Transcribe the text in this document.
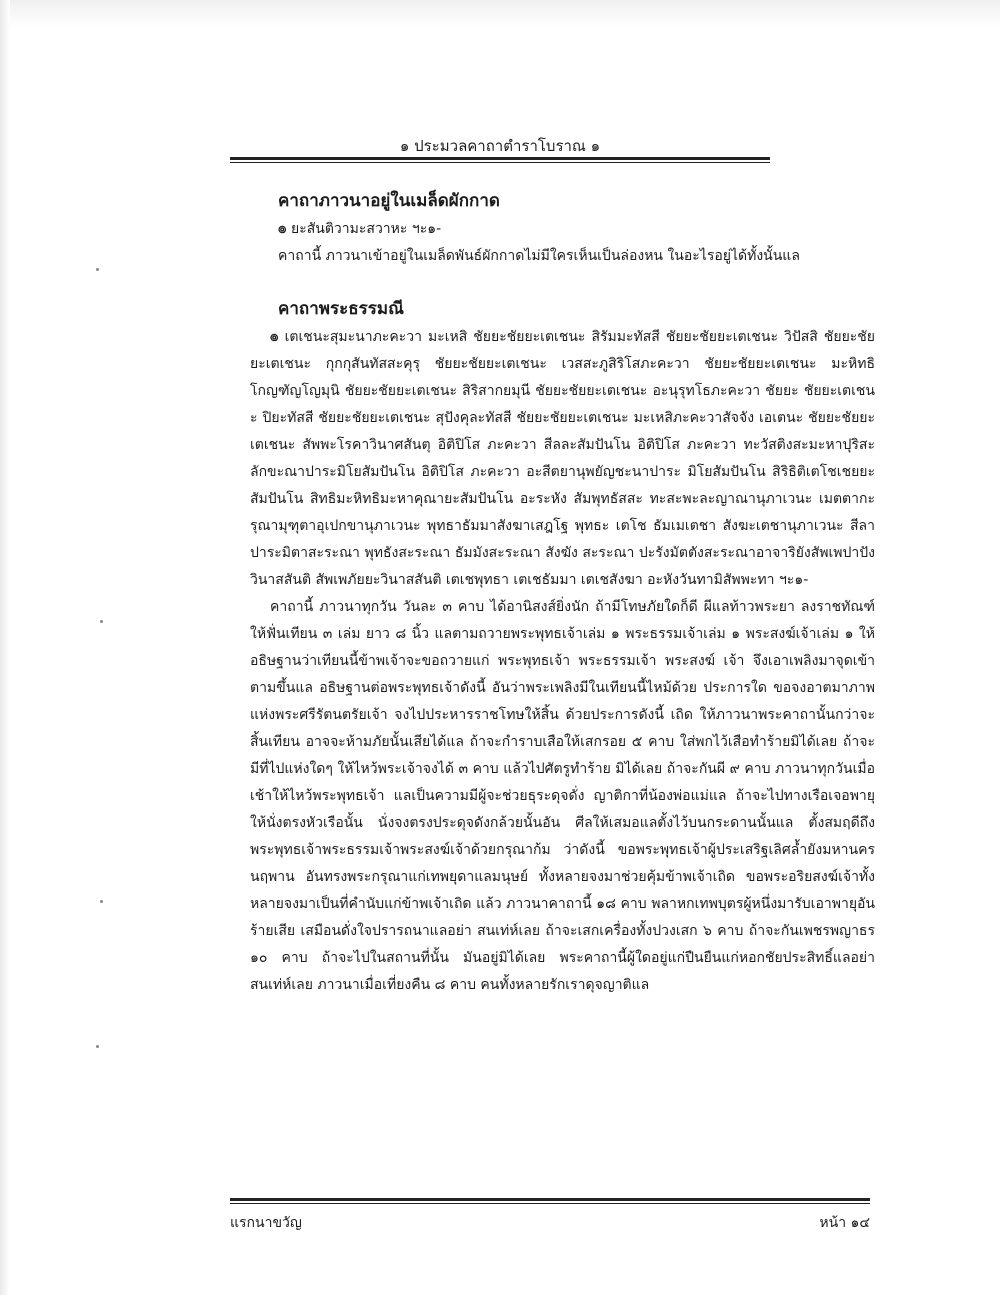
๑ ประมวลคาถาตำราโบราณ ๑
คาถาภาวนาอยู่ในเมล็ดผักกาด

๏ ยะสันติวามะสวาหะ ฯะ๑-

คาถานี้ ภาวนาเข้าอยู่ในเมล็ดพันธ์ผักกาดไม่มีใครเห็นเป็นล่องหน ในอะไรอยู่ได้ทั้งนั้นแล

คาถาพระธรรมณี

๏ เตเชนะสุมะนาภะคะวา มะเหสิ ชัยยะชัยยะเตเชนะ สิรัมมะทัสสี ชัยยะชัยยะเตเชนะ วิปัสสิ ชัยยะชัยยะเตเชนะ กุกกุสันทัสสะคุรุ ชัยยะชัยยะเตเชนะ เวสสะภูสิริโสภะคะวา ชัยยะชัยยะเตเชนะ มะหิทธิโกญฑัญโญมุนิ ชัยยะชัยยะเตเชนะ สิริสากยมุนี ชัยยะชัยยะเตเชนะ อะนุรุทโธภะคะวา ชัยยะ ชัยยะเตเชนะ ปิยะทัสสี ชัยยะชัยยะเตเชนะ สุปังคุละทัสสี ชัยยะชัยยะเตเชนะ มะเหสิภะคะวาสัจจัง เอเตนะ ชัยยะชัยยะเตเชนะ สัพพะโรคาวินาศสันตุ อิติปิโส ภะคะวา สีลละสัมปันโน อิติปิโส ภะคะวา ทะวัสติงสะมะหาปุริสะลักขะณาปาระมิโยสัมปันโน อิติปิโส ภะคะวา อะสีตยานุพยัญชะนาปาระ มิโยสัมปันโน สิริธิติเตโชเชยยะสัมปันโน สิทธิมะหิทธิมะหาคุณายะสัมปันโน อะระหัง สัมพุทธัสสะ ทะสะพะละญาณานุภาเวนะ เมตตากะรุณามุฑุตาอุเปกขานุภาเวนะ พุทธาธัมมาสังฆาเสฎโฐ พุทธะ เตโช ธัมเมเตชา สังฆะเตชานุภาเวนะ สีลาปาระมิตาสะระณา พุทธังสะระณา ธัมมังสะระณา สังฆัง สะระณา ปะรังมัตตังสะระณาอาจาริยังสัพเพปาปังวินาสสันติ สัพเพภัยยะวินาสสันติ เตเชพุทธา เตเชธัมมา เตเชสังฆา อะหังวันทามิสัพพะทา ฯะ๑-

คาถานี้ ภาวนาทุกวัน วันละ ๓ คาบ ได้อานิสงส์ยิ่งนัก ถ้ามีโทษภัยใดก็ดี ผีแลท้าวพระยา ลงราชทัณฑ์ ให้ฟั่นเทียน ๓ เล่ม ยาว ๘ นิ้ว แลตามถวายพระพุทธเจ้าเล่ม ๑ พระธรรมเจ้าเล่ม ๑ พระสงฆ์เจ้าเล่ม ๑ ให้อธิษฐานว่าเทียนนี้ข้าพเจ้าจะขอถวายแก่ พระพุทธเจ้า พระธรรมเจ้า พระสงฆ์ เจ้า จึงเอาเพลิงมาจุดเข้าตามขึ้นแล อธิษฐานต่อพระพุทธเจ้าดังนี้ อันว่าพระเพลิงมีในเทียนนี้ไหม้ด้วย ประการใด ขอจงอาตมาภาพแห่งพระศรีรัตนตรัยเจ้า จงไปประหารราชโทษให้สิ้น ด้วยประการดังนี้ เถิด ให้ภาวนาพระคาถานั้นกว่าจะสิ้นเทียน อาจจะห้ามภัยนั้นเสียได้แล ถ้าจะกำราบเสือให้เสกรอย ๕ คาบ ใส่พกไว้เสือทำร้ายมิได้เลย ถ้าจะมีที่ไปแห่งใดๆ ให้ไหว้พระเจ้าจงได้ ๓ คาบ แล้วไปศัตรูทำร้าย มิได้เลย ถ้าจะกันผี ๙ คาบ ภาวนาทุกวันเมื่อเช้าให้ไหว้พระพุทธเจ้า แลเป็นความมีผู้จะช่วยธุระดุจดั่ง ญาติกาที่น้องพ่อแม่แล ถ้าจะไปทางเรือเจอพายุ ให้นั่งตรงหัวเรือนั้น นั่งจงตรงประดุจดังกล้วยนั้นอัน ศีลให้เสมอแลตั้งไว้บนกระดานนั้นแล ตั้งสมฤดีถึงพระพุทธเจ้าพระธรรมเจ้าพระสงฆ์เจ้าด้วยกรุณาก้ม ว่าดังนี้ ขอพระพุทธเจ้าผู้ประเสริฐเลิศล้ำยังมหานครนฤพาน อันทรงพระกรุณาแก่เทพยุดาแลมนุษย์ ทั้งหลายจงมาช่วยคุ้มข้าพเจ้าเถิด ขอพระอริยสงฆ์เจ้าทั้งหลายจงมาเป็นที่คำนับแก่ข้าพเจ้าเถิด แล้ว ภาวนาคาถานี้ ๑๘ คาบ พลาหกเทพบุตรผู้หนึ่งมารับเอาพายุอันร้ายเสีย เสมือนดั่งใจปรารถนาแลอย่า สนเท่ห์เลย ถ้าจะเสกเครื่องทั้งปวงเสก ๖ คาบ ถ้าจะกันเพชรพญาธร ๑๐ คาบ ถ้าจะไปในสถานที่นั้น มันอยู่มิได้เลย พระคาถานี้ผู้ใดอยู่แก่ปืนยืนแก่หอกชัยประสิทธิ์แลอย่าสนเท่ห์เลย ภาวนาเมื่อเที่ยงคืน ๘ คาบ คนทั้งหลายรักเราดุจญาติแล

แรกนาขวัญ	หน้า ๑๔
